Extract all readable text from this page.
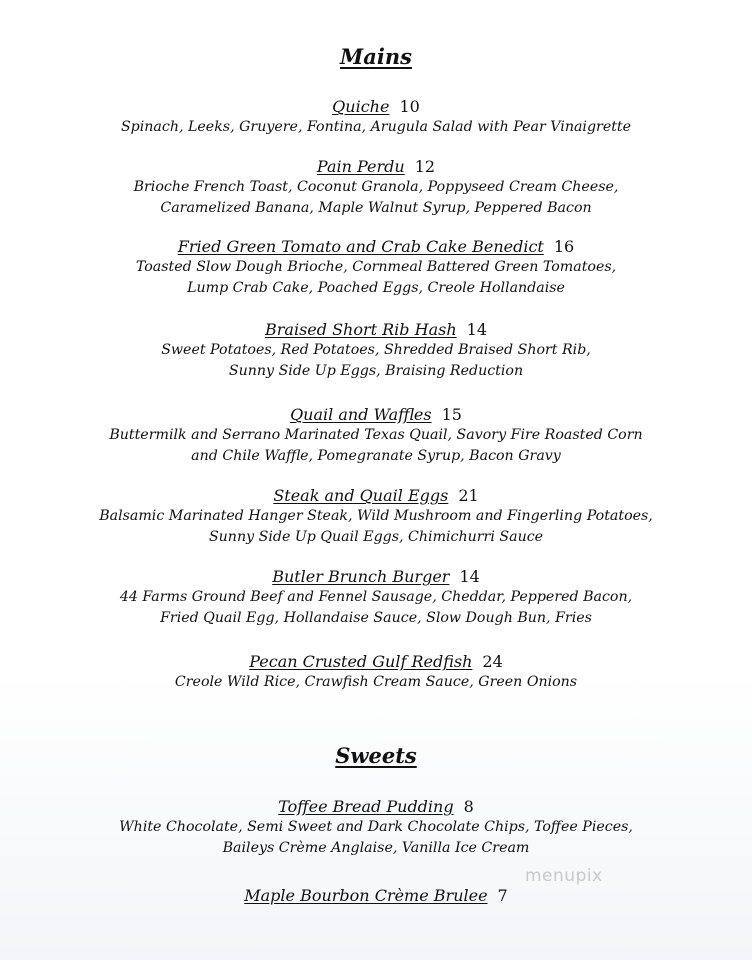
Mains
Quiche 10
Spinach, Leeks, Gruyere, Fontina, Arugula Salad with Pear Vinaigrette
Pain Perdu 12
Brioche French Toast, Coconut Granola, Poppyseed Cream Cheese,
Caramelized Banana, Maple Walnut Syrup, Peppered Bacon
Fried Green Tomato and Crab Cake Benedict 16
Toasted Slow Dough Brioche, Cornmeal Battered Green Tomatoes,
Lump Crab Cake, Poached Eggs, Creole Hollandaise
Braised Short Rib Hash 14
Sweet Potatoes, Red Potatoes, Shredded Braised Short Rib,
Sunny Side Up Eggs, Braising Reduction
Quail and Waffles 15
Buttermilk and Serrano Marinated Texas Quail, Savory Fire Roasted Corn
and Chile Waffle, Pomegranate Syrup, Bacon Gravy
Steak and Quail Eggs 21
Balsamic Marinated Hanger Steak, Wild Mushroom and Fingerling Potatoes,
Sunny Side Up Quail Eggs, Chimichurri Sauce
Butler Brunch Burger 14
44 Farms Ground Beef and Fennel Sausage, Cheddar, Peppered Bacon,
Fried Quail Egg, Hollandaise Sauce, Slow Dough Bun, Fries
Pecan Crusted Gulf Redfish 24
Creole Wild Rice, Crawfish Cream Sauce, Green Onions
Sweets
Toffee Bread Pudding 8
White Chocolate, Semi Sweet and Dark Chocolate Chips, Toffee Pieces,
Baileys Crème Anglaise, Vanilla Ice Cream
Maple Bourbon Crème Brulee 7
menupix
